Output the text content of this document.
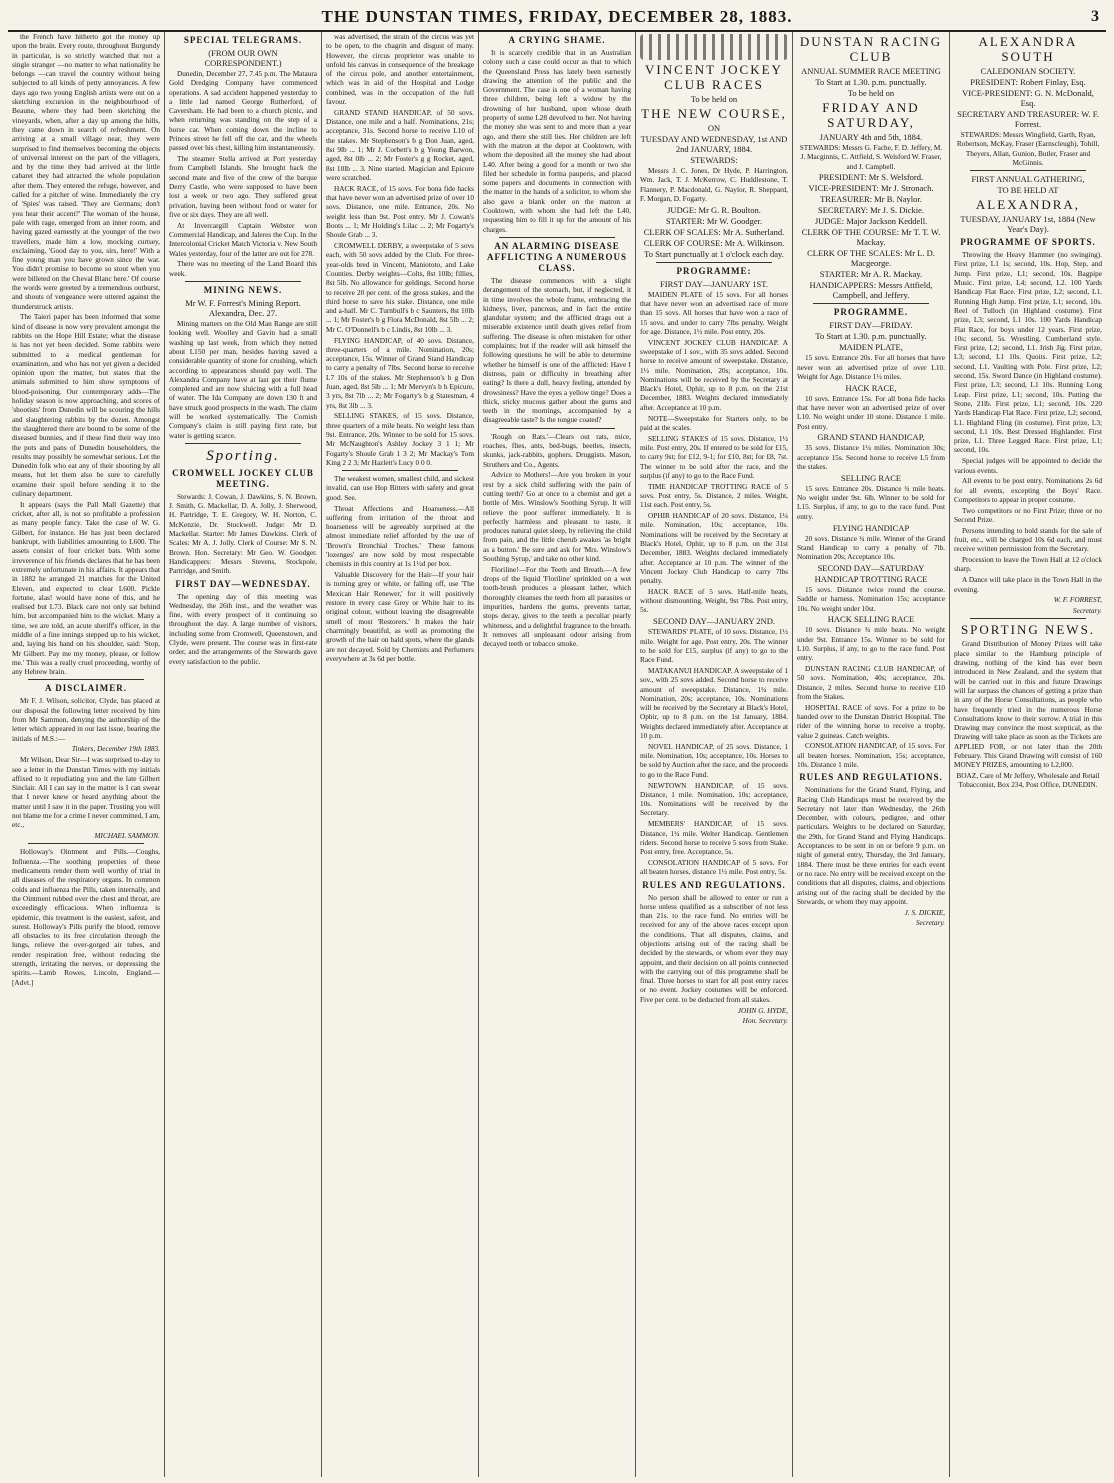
THE DUNSTAN TIMES, FRIDAY, DECEMBER 28, 1883.	3

the French have hitherto got the money up upon the brain. Every route, throughout Burgundy in particular, is so strictly watched that not a single stranger —no matter to what nationality he belongs —can travel the country without being subjected to all kinds of petty annoyances. A few days ago two young English artists were out on a sketching excursion in the neighbourhood of Beaune, where they had been sketching the vineyards, when, after a day up among the hills, they came down in search of refreshment. On arriving at a small village near, they were surprised to find themselves becoming the objects of universal interest on the part of the villagers, and by the time they had arrived at the little cabaret they had attracted the whole population after them. They entered the refuge, however, and called for a pitcher of wine. Immediately the cry of 'Spies' was raised. 'They are Germans; don't you hear their accent?' The woman of the house, pale with rage, emerged from an inner room, and having gazed earnestly at the younger of the two travellers, made him a low, mocking curtsey, exclaiming, 'Good day to you, sirs, here!' With a fine young man you have grown since the war. You didn't promise to become so stout when you were billeted on the Cheval Blanc here.' Of course the words were greeted by a tremendous outburst, and shouts of vengeance were uttered against the thunderstruck artists.

The Taieri paper has been informed that some kind of disease is now very prevalent amongst the rabbits on the Hope Hill Estate; what the disease is has not yet been decided. Some rabbits were submitted to a medical gentleman for examination, and who has not yet given a decided opinion upon the matter, but states that the animals submitted to him show symptoms of blood-poisoning. Our contemporary adds—The holiday season is now approaching, and scores of 'shootists' from Dunedin will be scouring the hills and slaughtering rabbits by the dozen. Amongst the slaughtered there are bound to be some of the diseased bunnies, and if these find their way into the pots and pans of Dunedin householders, the results may possibly be somewhat serious. Let the Dunedin folk who eat any of their shooting by all means, but let them also be sure to carefully examine their spoil before sending it to the culinary department.

It appears (says the Pall Mall Gazette) that cricket, after all, is not so profitable a profession as many people fancy. Take the case of W. G. Gilbert, for instance. He has just been declared bankrupt, with liabilities amounting to L600. The assets consist of four cricket bats. With some irreverence of his friends declares that he has been extremely unfortunate in his affairs. It appears that in 1882 he arranged 21 matches for the United Eleven, and expected to clear L600. Pickle fortune, alas! would have none of this, and he realised but L73. Black care not only sat behind him, but accompanied him to the wicket. Many a time, we are told, an acute sheriff's officer, in the middle of a fine innings stepped up to his wicket, and, laying his hand on his shoulder, said: 'Stop, Mr Gilbert. Pay me my money, please, or follow me.' This was a really cruel proceeding, worthy of any Hebrew brain.

A DISCLAIMER.

Mr F. J. Wilson, solicitor, Clyde, has placed at our disposal the following letter received by him from Mr Sammon, denying the authorship of the letter which appeared in our last issue, bearing the initials of M.S.:—

Tinkers, December 19th 1883.

Mr Wilson, Dear Sir—I was surprised to-day to see a letter in the Dunstan Times with my initials affixed to it repudiating you and the late Gilbert Sinclair. All I can say in the matter is I can swear that I never knew or heard anything about the matter until I saw it in the paper. Trusting you will not blame me for a crime I never committed, I am, etc.,

MICHAEL SAMMON.

Holloway's Ointment and Pills.—Coughs, Influenza.—The soothing properties of these medicaments render them well worthy of trial in all diseases of the respiratory organs. In common colds and influenza the Pills, taken internally, and the Ointment rubbed over the chest and throat, are exceedingly efficacious. When influenza is epidemic, this treatment is the easiest, safest, and surest. Holloway's Pills purify the blood, remove all obstacles to its free circulation through the lungs, relieve the over-gorged air tubes, and render respiration free, without reducing the strength, irritating the nerves, or depressing the spirits.—Lamb Rowes, Lincoln, England.—[Advt.]

SPECIAL TELEGRAMS.
(FROM OUR OWN CORRESPONDENT.)

Dunedin, December 27, 7.45 p.m. The Mataura Gold Dredging Company have commenced operations. A sad accident happened yesterday to a little lad named George Rutherford, of Caversham. He had been to a church picnic, and when returning was standing on the step of a horse car. When coming down the incline to Princes street he fell off the car, and the wheels passed over his chest, killing him instantaneously.

The steamer Stella arrived at Port yesterday from Campbell Islands. She brought back the second mate and five of the crew of the barque Derry Castle, who were supposed to have been lost a week or two ago. They suffered great privation, having been without food or water for five or six days. They are all well.

At Invercargill Captain Webster won Commercial Handicap, and Jaleres the Cup. In the Intercolonial Cricket Match Victoria v. New South Wales yesterday, four of the latter are out for 278.

There was no meeting of the Land Board this week.

MINING NEWS.
Mr W. F. Forrest's Mining Report. Alexandra, Dec. 27.

Mining matters on the Old Man Range are still looking well. Woolley and Gavin had a small washing up last week, from which they netted about L150 per man, besides having saved a considerable quantity of stone for crushing, which according to appearances should pay well. The Alexandra Company have at last got their flume completed and are now sluicing with a full head of water. The Ida Company are down 130 ft and have struck good prospects in the wash. The claim will be worked systematically. The Cornish Company's claim is still paying first rate, but water is getting scarce.

Sporting.
CROMWELL JOCKEY CLUB MEETING.

Stewards: J. Cowan, J. Dawkins, S. N. Brown, J. Smith, G. Mackellar, D. A. Jolly, J. Sherwood, H. Partridge, T. E. Gregory, W. H. Norton, C. McKenzie, Dr. Stockwell. Judge: Mr D. Mackellar. Starter: Mr James Dawkins. Clerk of Scales: Mr A. J. Jolly. Clerk of Course: Mr S. N. Brown. Hon. Secretary: Mr Geo. W. Goodger. Handicappers: Messrs Stevens, Stockpole, Partridge, and Smith.

FIRST DAY—WEDNESDAY.

The opening day of this meeting was Wednesday, the 26th inst., and the weather was fine, with every prospect of it continuing so throughout the day. A large number of visitors, including some from Cromwell, Queenstown, and Clyde, were present. The course was in first-rate order, and the arrangements of the Stewards gave every satisfaction to the public.

was advertised, the strain of the circus was yet to be open, to the chagrin and disgust of many. However, the circus proprietor was unable to unfold his canvas in consequence of the breakage of the circus pole, and another entertainment, which was in aid of the Hospital and Lodge combined, was in the occupation of the full favour.

GRAND STAND HANDICAP, of 50 sovs. Distance, one mile and a half. Nominations, 21s; acceptance, 31s. Second horse to receive L10 of the stakes. Mr Stephenson's b g Don Juan, aged, 8st 9lb ... 1; Mr J. Corbett's b g Young Barwon, aged, 8st 0lb ... 2; Mr Foster's g g Rocket, aged, 8st 10lb ... 3. Nine started. Magician and Epicure were scratched.

HACK RACE, of 15 sovs. For bona fide hacks that have never won an advertised prize of over 10 sovs. Distance, one mile. Entrance, 20s. No weight less than 9st. Post entry. Mr J. Cowan's Boots ... 1; Mr Holding's Lilac ... 2; Mr Fogarty's Shoule Grab ... 3.

CROMWELL DERBY, a sweepstake of 5 sovs each, with 50 sovs added by the Club. For three-year-olds bred in Vincent, Maniototo, and Lake Counties. Derby weights—Colts, 8st 10lb; fillies, 8st 5lb. No allowance for geldings. Second horse to receive 20 per cent. of the gross stakes, and the third horse to save his stake. Distance, one mile and a-half. Mr C. Turnbull's b c Saunters, 8st 10lb ... 1; Mr Foster's b g Flora McDonald, 8st 5lb ... 2; Mr C. O'Donnell's b c Lindis, 8st 10lb ... 3.

FLYING HANDICAP, of 40 sovs. Distance, three-quarters of a mile. Nomination, 20s; acceptance, 15s. Winner of Grand Stand Handicap to carry a penalty of 7lbs. Second horse to receive L7 10s of the stakes. Mr Stephenson's b g Don Juan, aged, 8st 5lb ... 1; Mr Mervyn's b h Epicure, 3 yrs, 8st 7lb ... 2; Mr Fogarty's b g Statesman, 4 yrs, 8st 3lb ... 3.

SELLING STAKES, of 15 sovs. Distance, three quarters of a mile heats. No weight less than 9st. Entrance, 20s. Winner to be sold for 15 sovs. Mr McNaughton's Ashley Jockey 3 1 1; Mr Fogarty's Shoule Grab 1 3 2; Mr Mackay's Tom King 2 2 3; Mr Hazlett's Lucy 0 0 0.

The weakest women, smallest child, and sickest invalid, can use Hop Bitters with safety and great good. See.

Throat Affections and Hoarseness.—All suffering from irritation of the throat and hoarseness will be agreeably surprised at the almost immediate relief afforded by the use of 'Brown's Bronchial Troches.' These famous 'lozenges' are now sold by most respectable chemists in this country at 1s 1½d per box.

Valuable Discovery for the Hair—If your hair is turning grey or white, or falling off, use 'The Mexican Hair Renewer,' for it will positively restore in every case Grey or White hair to its original colour, without leaving the disagreeable smell of most 'Restorers.' It makes the hair charmingly beautiful, as well as promoting the growth of the hair on bald spots, where the glands are not decayed. Sold by Chemists and Perfumers everywhere at 3s 6d per bottle.

A CRYING SHAME.

It is scarcely credible that in an Australian colony such a case could occur as that to which the Queensland Press has lately been earnestly drawing the attention of the public and the Government. The case is one of a woman having three children, being left a widow by the drowning of her husband, upon whose death property of some L28 devolved to her. Not having the money she was sent to and more than a year ago, and there she still lies. Her children are left with the matron at the depot at Cooktown, with whom the deposited all the money she had about L40. After being a good for a month or two she filed her schedule in forma pauperis, and placed some papers and documents in connection with the matter in the hands of a solicitor, to whom she also gave a blank order on the matron at Cooktown, with whom she had left the L40, requesting him to fill it up for the amount of his charges.

AN ALARMING DISEASE AFFLICTING A NUMEROUS CLASS.

The disease commences with a slight derangement of the stomach, but, if neglected, it in time involves the whole frame, embracing the kidneys, liver, pancreas, and in fact the entire glandular system; and the afflicted drags out a miserable existence until death gives relief from suffering. The disease is often mistaken for other complaints; but if the reader will ask himself the following questions he will be able to determine whether he himself is one of the afflicted: Have I distress, pain or difficulty in breathing after eating? Is there a dull, heavy feeling, attended by drowsiness? Have the eyes a yellow tinge? Does a thick, sticky mucous gather about the gums and teeth in the mornings, accompanied by a disagreeable taste? Is the tongue coated?

'Rough on Rats.'—Clears out rats, mice, roaches, flies, ants, bed-bugs, beetles, insects, skunks, jack-rabbits, gophers. Druggists. Mason, Struthers and Co., Agents.

Advice to Mothers!—Are you broken in your rest by a sick child suffering with the pain of cutting teeth? Go at once to a chemist and get a bottle of Mrs. Winslow's Soothing Syrup. It will relieve the poor sufferer immediately. It is perfectly harmless and pleasant to taste, it produces natural quiet sleep, by relieving the child from pain, and the little cherub awakes 'as bright as a button.' Be sure and ask for 'Mrs. Winslow's Soothing Syrup,' and take no other kind.

Floriline!—For the Teeth and Breath.—A few drops of the liquid 'Floriline' sprinkled on a wet tooth-brush produces a pleasant lather, which thoroughly cleanses the teeth from all parasites or impurities, hardens the gums, prevents tartar, stops decay, gives to the teeth a peculiar pearly whiteness, and a delightful fragrance to the breath. It removes all unpleasant odour arising from decayed teeth or tobacco smoke.

VINCENT JOCKEY CLUB RACES
To be held on
THE NEW COURSE,
ON
TUESDAY AND WEDNESDAY, 1st AND 2nd JANUARY, 1884.
STEWARDS:

Messrs J. C. Jones, Dr Hyde, P. Harrington, Wm. Jack, T. J. McKerrow, C. Huddlestone, T. Flannery, P. Macdonald, G. Naylor, R. Sheppard, F. Morgan, D. Fogarty.

JUDGE: Mr G. R. Boulton.
STARTER: Mr W. Goodger.
CLERK OF SCALES: Mr A. Sutherland.
CLERK OF COURSE: Mr A. Wilkinson.
To Start punctually at 1 o'clock each day.
PROGRAMME:
FIRST DAY—JANUARY 1ST.

MAIDEN PLATE of 15 sovs. For all horses that have never won an advertised race of more than 15 sovs. All horses that have won a race of 15 sovs. and under to carry 7lbs penalty. Weight for age. Distance, 1½ mile. Post entry, 20s.

VINCENT JOCKEY CLUB HANDICAP. A sweepstake of 1 sov., with 35 sovs added. Second horse to receive amount of sweepstake. Distance, 1½ mile. Nomination, 20s; acceptance, 10s. Nominations will be received by the Secretary at Black's Hotel, Ophir, up to 8 p.m. on the 21st December, 1883. Weights declared immediately after. Acceptance at 10 p.m.

NOTE—Sweepstake for Starters only, to be paid at the scales.

SELLING STAKES of 15 sovs. Distance, 1½ mile. Post entry, 20s. If entered to be sold for £15, to carry 9st; for £12, 9-1; for £10, 8st; for £8, 7st. The winner to be sold after the race, and the surplus (if any) to go to the Race Fund.

TIME HANDICAP TROTTING RACE of 5 sovs. Post entry, 5s. Distance, 2 miles. Weight, 11st each. Post entry, 5s.

OPHIR HANDICAP of 20 sovs. Distance, 1¼ mile. Nomination, 10s; acceptance, 10s. Nominations will be received by the Secretary at Black's Hotel, Ophir, up to 8 p.m. on the 31st December, 1883. Weights declared immediately after. Acceptance at 10 p.m. The winner of the Vincent Jockey Club Handicap to carry 7lbs penalty.

HACK RACE of 5 sovs. Half-mile heats, without dismounting. Weight, 9st 7lbs. Post entry, 5s.

SECOND DAY—JANUARY 2ND.

STEWARDS' PLATE, of 10 sovs. Distance, 1½ mile. Weight for age. Post entry, 20s. The winner to be sold for £15, surplus (if any) to go to the Race Fund.

MATAKANUI HANDICAP. A sweepstake of 1 sov., with 25 sovs added. Second horse to receive amount of sweepstake. Distance, 1¼ mile. Nomination, 20s; acceptance, 10s. Nominations will be received by the Secretary at Black's Hotel, Ophir, up to 8 p.m. on the 1st January, 1884. Weights declared immediately after. Acceptance at 10 p.m.

NOVEL HANDICAP, of 25 sovs. Distance, 1 mile. Nomination, 10s; acceptance, 10s. Horses to be sold by Auction after the race, and the proceeds to go to the Race Fund.

NEWTOWN HANDICAP, of 15 sovs. Distance, 1 mile. Nomination, 10s; acceptance, 10s. Nominations will be received by the Secretary.

MEMBERS' HANDICAP, of 15 sovs. Distance, 1¼ mile. Welter Handicap. Gentlemen riders. Second horse to receive 5 sovs from Stake. Post entry, free. Acceptance, 5s.

CONSOLATION HANDICAP of 5 sovs. For all beaten horses, distance 1½ mile. Post entry, 5s.

RULES AND REGULATIONS.

No person shall be allowed to enter or run a horse unless qualified as a subscriber of not less than 21s. to the race fund. No entries will be received for any of the above races except upon the conditions, That all disputes, claims, and objections arising out of the racing shall be decided by the stewards, or whom ever they may appoint, and their decision on all points connected with the carrying out of this programme shall be final. Three horses to start for all post entry races or no event. Jockey costumes will be enforced. Five per cent. to be deducted from all stakes.

JOHN G. HYDE,

Hon. Secretary.

DUNSTAN RACING CLUB
ANNUAL SUMMER RACE MEETING
To Start at 1.30. p.m. punctually.
To be held on
FRIDAY AND SATURDAY,
JANUARY 4th and 5th, 1884.

STEWARDS: Messrs G. Fache, F. D. Jeffery, M. J. Macginnis, C. Attfield, S. Welsford W. Fraser, and J. Campbell.

PRESIDENT: Mr S. Welsford.
VICE-PRESIDENT: Mr J. Stronach.
TREASURER: Mr B. Naylor.
SECRETARY: Mr J. S. Dickie.
JUDGE: Major Jackson Keddell.
CLERK OF THE COURSE: Mr T. T. W. Mackay.
CLERK OF THE SCALES: Mr L. D. Macgeorge.
STARTER: Mr A. R. Mackay.
HANDICAPPERS: Messrs Attfield, Campbell, and Jeffery.
PROGRAMME.
FIRST DAY—FRIDAY.
To Start at 1.30. p.m. punctually.
MAIDEN PLATE,

15 sovs. Entrance 20s. For all horses that have never won an advertised prize of over L10. Weight for Age. Distance 1½ miles.

HACK RACE,

10 sovs. Entrance 15s. For all bona fide hacks that have never won an advertised prize of over L10. No weight under 10 stone. Distance 1 mile. Post entry.

GRAND STAND HANDICAP,

35 sovs. Distance 1¼ miles. Nomination 30s; acceptance 15s. Second horse to receive L5 from the stakes.

SELLING RACE

15 sovs. Entrance 20s. Distance ¾ mile heats. No weight under 9st. 6lb. Winner to be sold for L15. Surplus, if any, to go to the race fund. Post entry.

FLYING HANDICAP

20 sovs. Distance ¾ mile. Winner of the Grand Stand Handicap to carry a penalty of 7lb. Nomination 20s; Acceptance 10s.

SECOND DAY—SATURDAY
HANDICAP TROTTING RACE

15 sovs. Distance twice round the course. Saddle or harness. Nomination 15s; acceptance 10s. No weight under 10st.

HACK SELLING RACE

10 sovs. Distance ¾ mile heats. No weight under 9st. Entrance 15s. Winner to be sold for L10. Surplus, if any, to go to the race fund. Post entry.

DUNSTAN RACING CLUB HANDICAP, of 50 sovs. Nomination, 40s; acceptance, 20s. Distance, 2 miles. Second horse to receive £10 from the Stakes.

HOSPITAL RACE of sovs. For a prize to be handed over to the Dunstan District Hospital. The rider of the winning horse to receive a trophy, value 2 guineas. Catch weights.

CONSOLATION HANDICAP, of 15 sovs. For all beaten horses. Nomination, 15s; acceptance, 10s. Distance 1 mile.

RULES AND REGULATIONS.

Nominations for the Grand Stand, Flying, and Racing Club Handicaps must be received by the Secretary not later than Wednesday, the 26th December, with colours, pedigree, and other particulars. Weights to be declared on Saturday, the 29th, for Grand Stand and Flying Handicaps. Acceptances to be sent in on or before 9 p.m. on night of general entry, Thursday, the 3rd January, 1884. There must be three entries for each event or no race. No entry will be received except on the conditions that all disputes, claims, and objections arising out of the racing shall be decided by the Stewards, or whom they may appoint.

J. S. DICKIE,

Secretary.

ALEXANDRA SOUTH
CALEDONIAN SOCIETY.
PRESIDENT: Robert Finlay, Esq.
VICE-PRESIDENT: G. N. McDonald, Esq.
SECRETARY AND TREASURER: W. F. Forrest.

STEWARDS: Messrs Wingfield, Garth, Ryan, Robertson, McKay, Fraser (Earnscleugh), Tohill, Theyers, Allan, Gunion, Butler, Fraser and McGinnis.

FIRST ANNUAL GATHERING,
TO BE HELD AT
ALEXANDRA,
TUESDAY, JANUARY 1st, 1884 (New Year's Day).
PROGRAMME OF SPORTS.

Throwing the Heavy Hammer (no swinging). First prize, L1 1s; second, 10s. Hop, Step, and Jump. First prize, L1; second, 10s. Bagpipe Music. First prize, L4; second, L2. 100 Yards Handicap Flat Race. First prize, L2; second, L1. Running High Jump. First prize, L1; second, 10s. Reel of Tulloch (in Highland costume). First prize, L3; second, L1 10s. 100 Yards Handicap Flat Race, for boys under 12 years. First prize, 10s; second, 5s. Wrestling, Cumberland style. First prize, L2; second, L1. Irish Jig. First prize, L3; second, L1 10s. Quoits. First prize, L2; second, L1. Vaulting with Pole. First prize, L2; second, 15s. Sword Dance (in Highland costume). First prize, L3; second, L1 10s. Running Long Leap. First prize, L1; second, 10s. Putting the Stone, 21lb. First prize, L1; second, 10s. 220 Yards Handicap Flat Race. First prize, L2; second, L1. Highland Fling (in costume). First prize, L3; second, L1 10s. Best Dressed Highlander. First prize, L1. Three Legged Race. First prize, L1; second, 10s.

Special judges will be appointed to decide the various events.

All events to be post entry. Nominations 2s 6d for all events, excepting the Boys' Race. Competitors to appear in proper costume.

Two competitors or no First Prize; three or no Second Prize.

Persons intending to hold stands for the sale of fruit, etc., will be charged 10s 6d each, and must receive written permission from the Secretary.

Procession to leave the Town Hall at 12 o'clock sharp.

A Dance will take place in the Town Hall in the evening.

W. F. FORREST,

Secretary.

SPORTING NEWS.

Grand Distribution of Money Prizes will take place similar to the Hamburg principle of drawing, nothing of the kind has ever been introduced in New Zealand, and the system that will be carried out in this and future Drawings will far surpass the chances of getting a prize than in any of the Horse Consultations, as people who have frequently tried in the numerous Horse Consultations know to their sorrow. A trial in this Drawing may convince the most sceptical, as the Drawing will take place as soon as the Tickets are APPLIED FOR, or not later than the 20th February. This Grand Drawing will consist of 160 MONEY PRIZES, amounting to L2,000.

BOAZ, Care of Mr Jeffery, Wholesale and Retail Tobacconist, Box 234, Post Office, DUNEDIN.
